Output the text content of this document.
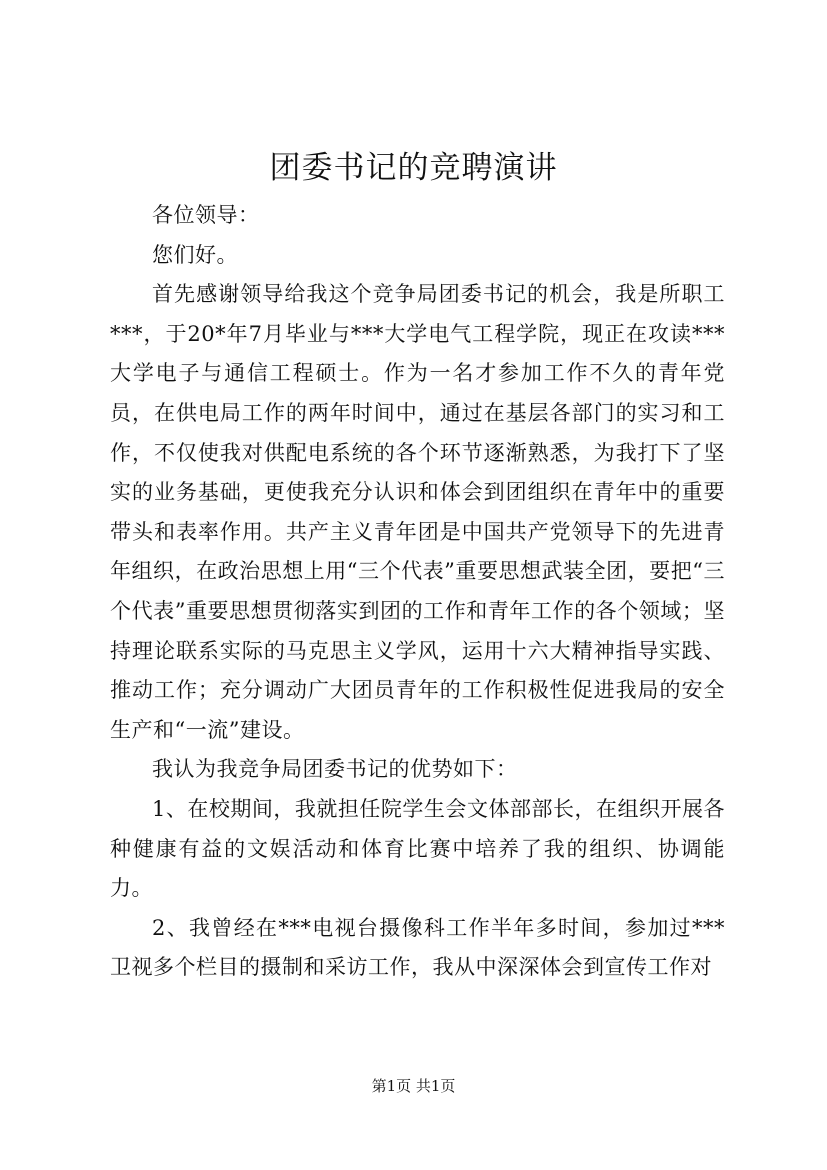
团委书记的竞聘演讲

各位领导：

您们好。

首先感谢领导给我这个竞争局团委书记的机会，我是所职工***，于20*年7月毕业与***大学电气工程学院，现正在攻读***大学电子与通信工程硕士。作为一名才参加工作不久的青年党员，在供电局工作的两年时间中，通过在基层各部门的实习和工作，不仅使我对供配电系统的各个环节逐渐熟悉，为我打下了坚实的业务基础，更使我充分认识和体会到团组织在青年中的重要带头和表率作用。共产主义青年团是中国共产党领导下的先进青年组织，在政治思想上用“三个代表”重要思想武装全团，要把“三个代表”重要思想贯彻落实到团的工作和青年工作的各个领域；坚持理论联系实际的马克思主义学风，运用十六大精神指导实践、推动工作；充分调动广大团员青年的工作积极性促进我局的安全生产和“一流”建设。

我认为我竞争局团委书记的优势如下：

1、在校期间，我就担任院学生会文体部部长，在组织开展各种健康有益的文娱活动和体育比赛中培养了我的组织、协调能力。

2、我曾经在***电视台摄像科工作半年多时间，参加过***卫视多个栏目的摄制和采访工作，我从中深深体会到宣传工作对

第1页 共1页
